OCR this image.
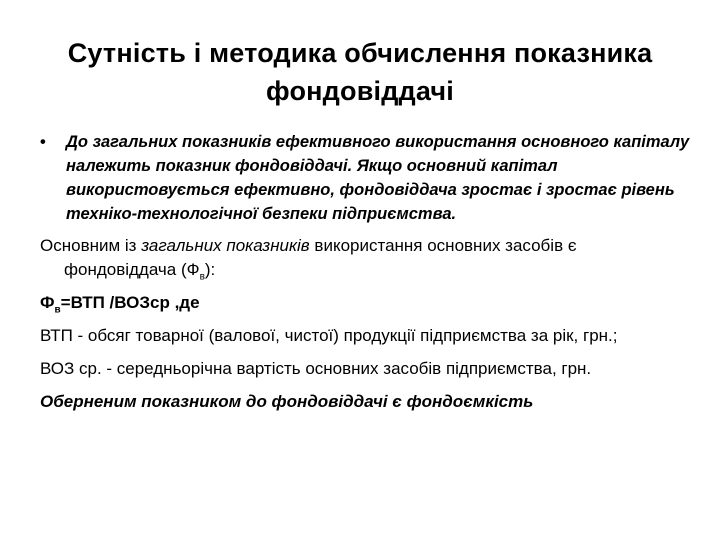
Сутність і методика обчислення показника фондовіддачі
• До загальних показників ефективного використання основного капіталу належить показник фондовіддачі. Якщо основний капітал використовується ефективно, фондовіддача зростає і зростає рівень техніко-технологічної безпеки підприємства.
Основним із загальних показників використання основних засобів є фондовіддача $(Ф_в)$:
$Ф_в=ВТП$ /ВОЗср ,де
ВТП - обсяг товарної (валової, чистої) продукції підприємства за рік, грн.;
ВОЗ ср. - середньорічна вартість основних засобів підприємства, грн.
Оберненим показником до фондовіддачі є фондоємкість
